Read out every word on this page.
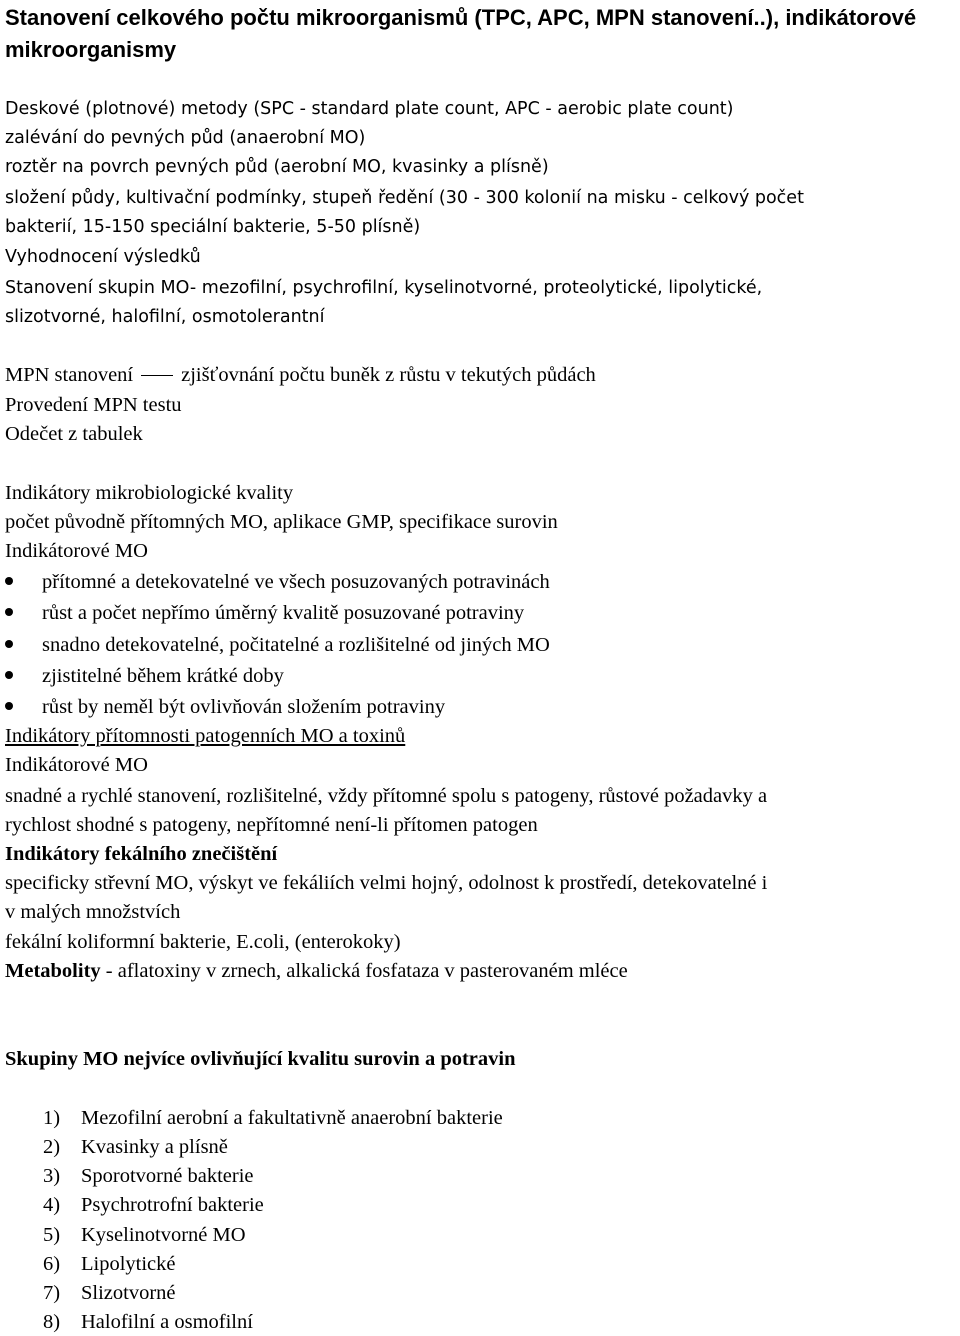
Stanovení celkového počtu mikroorganismů (TPC, APC, MPN stanovení..), indikátorové mikroorganismy
Deskové (plotnové) metody (SPC - standard plate count, APC - aerobic plate count)
zalévání do pevných půd (anaerobní MO)
roztěr na povrch pevných půd (aerobní MO, kvasinky a plísně)
složení půdy, kultivační podmínky, stupeň ředění (30 - 300 kolonií na misku - celkový počet
bakterií, 15-150 speciální bakterie, 5-50 plísně)
Vyhodnocení výsledků
Stanovení skupin MO- mezofilní, psychrofilní, kyselinotvorné, proteolytické, lipolytické,
slizotvorné, halofilní, osmotolerantní
MPN stanovení zjišťovnání počtu buněk z růstu v tekutých půdách
Provedení MPN testu
Odečet z tabulek
Indikátory mikrobiologické kvality
počet původně přítomných MO, aplikace GMP, specifikace surovin
Indikátorové MO
přítomné a detekovatelné ve všech posuzovaných potravinách
růst a počet nepřímo úměrný kvalitě posuzované potraviny
snadno detekovatelné, počitatelné a rozlišitelné od jiných MO
zjistitelné během krátké doby
růst by neměl být ovlivňován složením potraviny
Indikátory přítomnosti patogenních MO a toxinů
Indikátorové MO
snadné a rychlé stanovení, rozlišitelné, vždy přítomné spolu s patogeny, růstové požadavky a
rychlost shodné s patogeny, nepřítomné není-li přítomen patogen
Indikátory fekálního znečištění
specificky střevní MO, výskyt ve fekáliích velmi hojný, odolnost k prostředí, detekovatelné i
v malých množstvích
fekální koliformní bakterie, E.coli, (enterokoky)
Metabolity - aflatoxiny v zrnech, alkalická fosfataza v pasterovaném mléce
Skupiny MO nejvíce ovlivňující kvalitu surovin a potravin
1) Mezofilní aerobní a fakultativně anaerobní bakterie
2) Kvasinky a plísně
3) Sporotvorné bakterie
4) Psychrotrofní bakterie
5) Kyselinotvorné MO
6) Lipolytické
7) Slizotvorné
8) Halofilní a osmofilní
